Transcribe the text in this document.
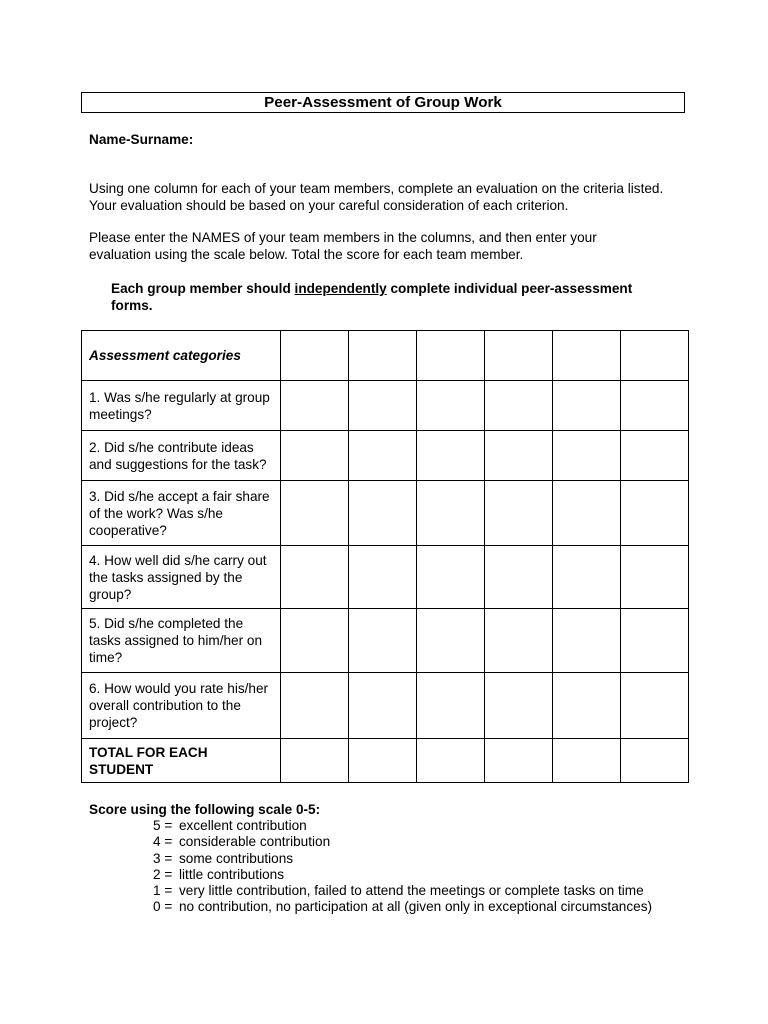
Peer-Assessment of Group Work
Name-Surname:
Using one column for each of your team members, complete an evaluation on the criteria listed.
Your evaluation should be based on your careful consideration of each criterion.
Please enter the NAMES of your team members in the columns, and then enter your
evaluation using the scale below. Total the score for each team member.
Each group member should independently complete individual peer-assessment
forms.
Assessment categories						

1. Was s/he regularly at group
meetings?						

2. Did s/he contribute ideas
and suggestions for the task?						

3. Did s/he accept a fair share
of the work? Was s/he
cooperative?						

4. How well did s/he carry out
the tasks assigned by the
group?						

5. Did s/he completed the
tasks assigned to him/her on
time?						

6. How would you rate his/her
overall contribution to the
project?						

TOTAL FOR EACH
STUDENT						

Score using the following scale 0-5:
5 = excellent contribution
4 = considerable contribution
3 = some contributions
2 = little contributions
1 = very little contribution, failed to attend the meetings or complete tasks on time
0 = no contribution, no participation at all (given only in exceptional circumstances)
